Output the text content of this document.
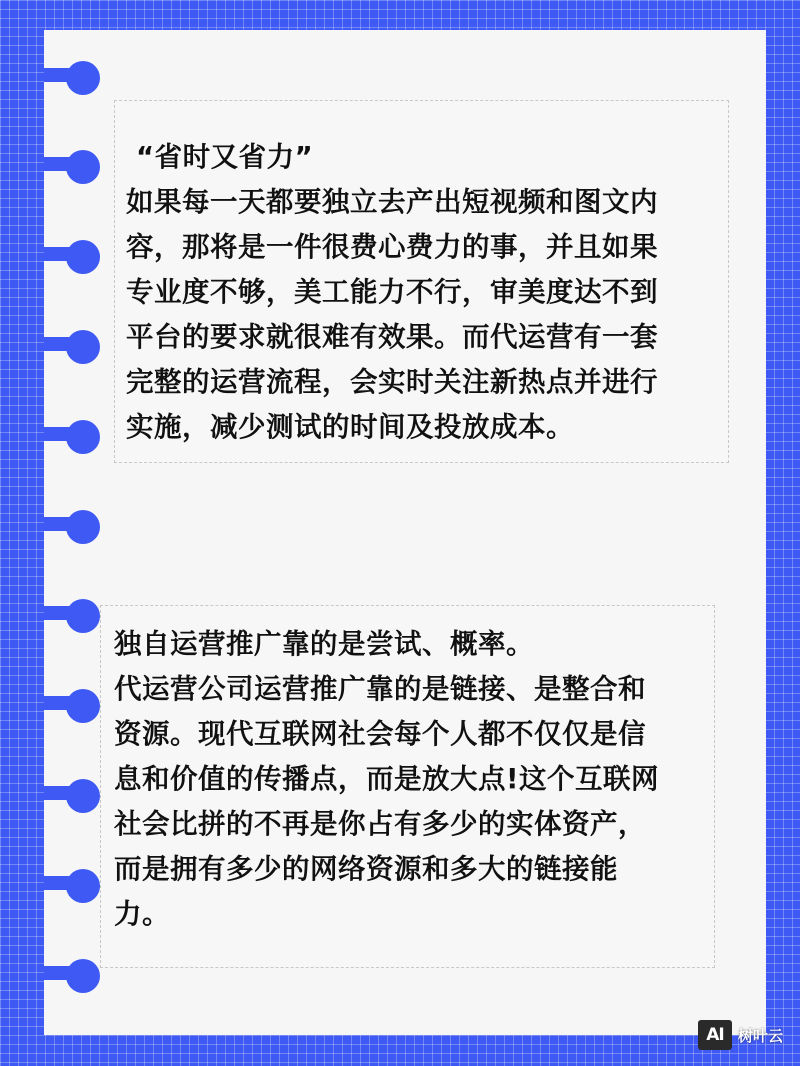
“省时又省力”
如果每一天都要独立去产出短视频和图文内
容，那将是一件很费心费力的事，并且如果
专业度不够，美工能力不行，审美度达不到
平台的要求就很难有效果。而代运营有一套
完整的运营流程，会实时关注新热点并进行
实施，减少测试的时间及投放成本。
独自运营推广靠的是尝试、概率。
代运营公司运营推广靠的是链接、是整合和
资源。现代互联网社会每个人都不仅仅是信
息和价值的传播点，而是放大点!这个互联网
社会比拼的不再是你占有多少的实体资产，
而是拥有多少的网络资源和多大的链接能
力。
AI 树叶云
